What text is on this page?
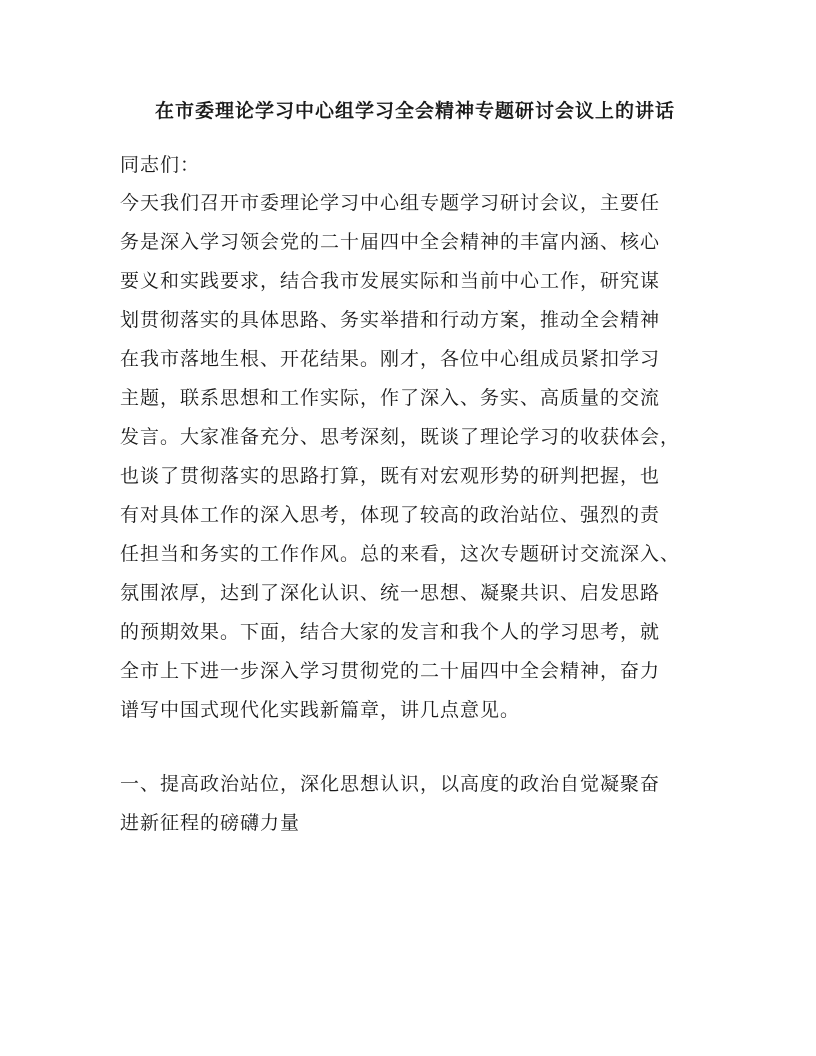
在市委理论学习中心组学习全会精神专题研讨会议上的讲话
同志们：
今天我们召开市委理论学习中心组专题学习研讨会议，主要任
务是深入学习领会党的二十届四中全会精神的丰富内涵、核心
要义和实践要求，结合我市发展实际和当前中心工作，研究谋
划贯彻落实的具体思路、务实举措和行动方案，推动全会精神
在我市落地生根、开花结果。刚才，各位中心组成员紧扣学习
主题，联系思想和工作实际，作了深入、务实、高质量的交流
发言。大家准备充分、思考深刻，既谈了理论学习的收获体会，
也谈了贯彻落实的思路打算，既有对宏观形势的研判把握，也
有对具体工作的深入思考，体现了较高的政治站位、强烈的责
任担当和务实的工作作风。总的来看，这次专题研讨交流深入、
氛围浓厚，达到了深化认识、统一思想、凝聚共识、启发思路
的预期效果。下面，结合大家的发言和我个人的学习思考，就
全市上下进一步深入学习贯彻党的二十届四中全会精神，奋力
谱写中国式现代化实践新篇章，讲几点意见。
一、提高政治站位，深化思想认识，以高度的政治自觉凝聚奋
进新征程的磅礴力量
